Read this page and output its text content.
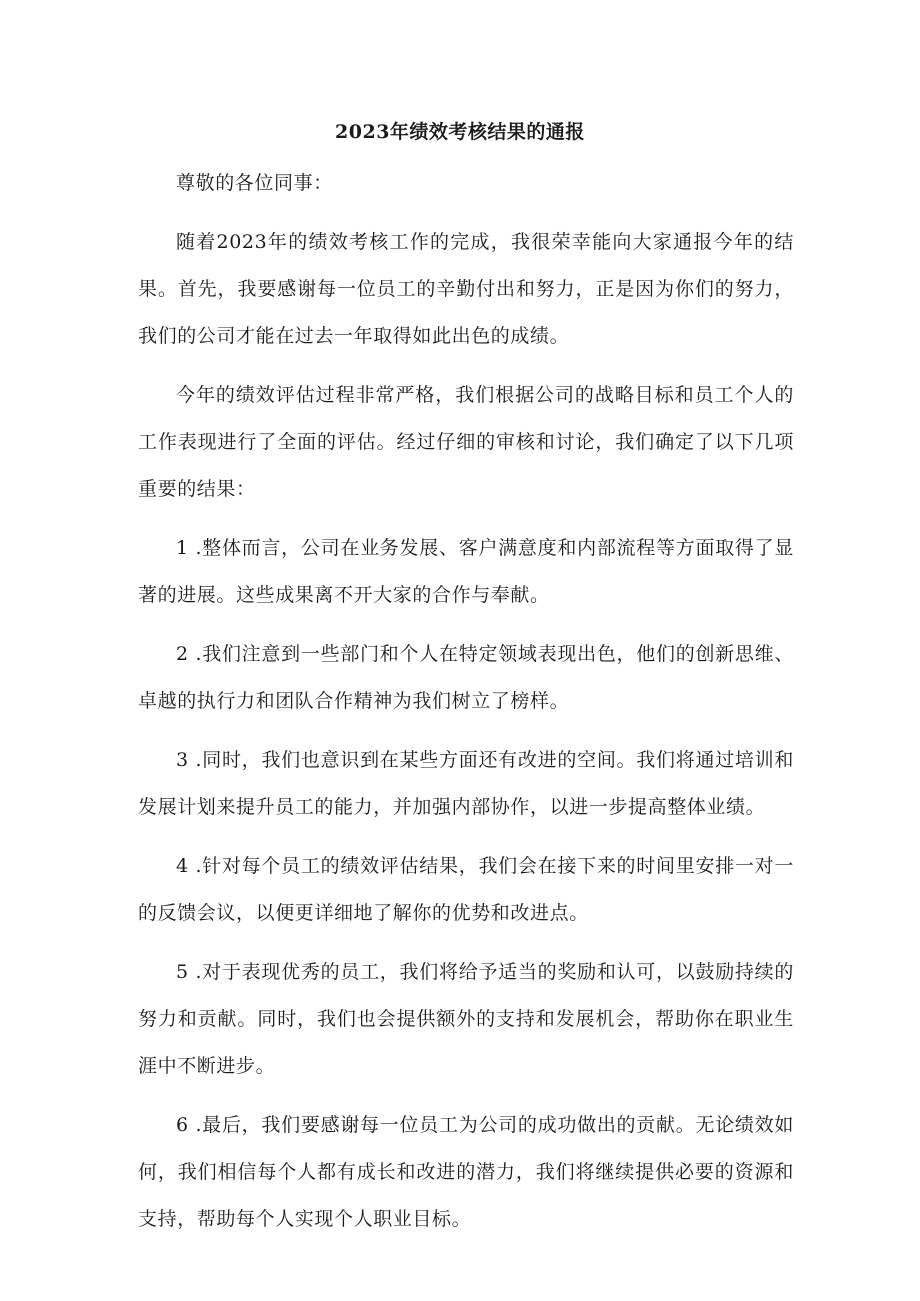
2023年绩效考核结果的通报

尊敬的各位同事：

随着2023年的绩效考核工作的完成，我很荣幸能向大家通报今年的结果。首先，我要感谢每一位员工的辛勤付出和努力，正是因为你们的努力，我们的公司才能在过去一年取得如此出色的成绩。

今年的绩效评估过程非常严格，我们根据公司的战略目标和员工个人的工作表现进行了全面的评估。经过仔细的审核和讨论，我们确定了以下几项重要的结果：

1 .整体而言，公司在业务发展、客户满意度和内部流程等方面取得了显著的进展。这些成果离不开大家的合作与奉献。

2 .我们注意到一些部门和个人在特定领域表现出色，他们的创新思维、卓越的执行力和团队合作精神为我们树立了榜样。

3 .同时，我们也意识到在某些方面还有改进的空间。我们将通过培训和发展计划来提升员工的能力，并加强内部协作，以进一步提高整体业绩。

4 .针对每个员工的绩效评估结果，我们会在接下来的时间里安排一对一的反馈会议，以便更详细地了解你的优势和改进点。

5 .对于表现优秀的员工，我们将给予适当的奖励和认可，以鼓励持续的努力和贡献。同时，我们也会提供额外的支持和发展机会，帮助你在职业生涯中不断进步。

6 .最后，我们要感谢每一位员工为公司的成功做出的贡献。无论绩效如何，我们相信每个人都有成长和改进的潜力，我们将继续提供必要的资源和支持，帮助每个人实现个人职业目标。
